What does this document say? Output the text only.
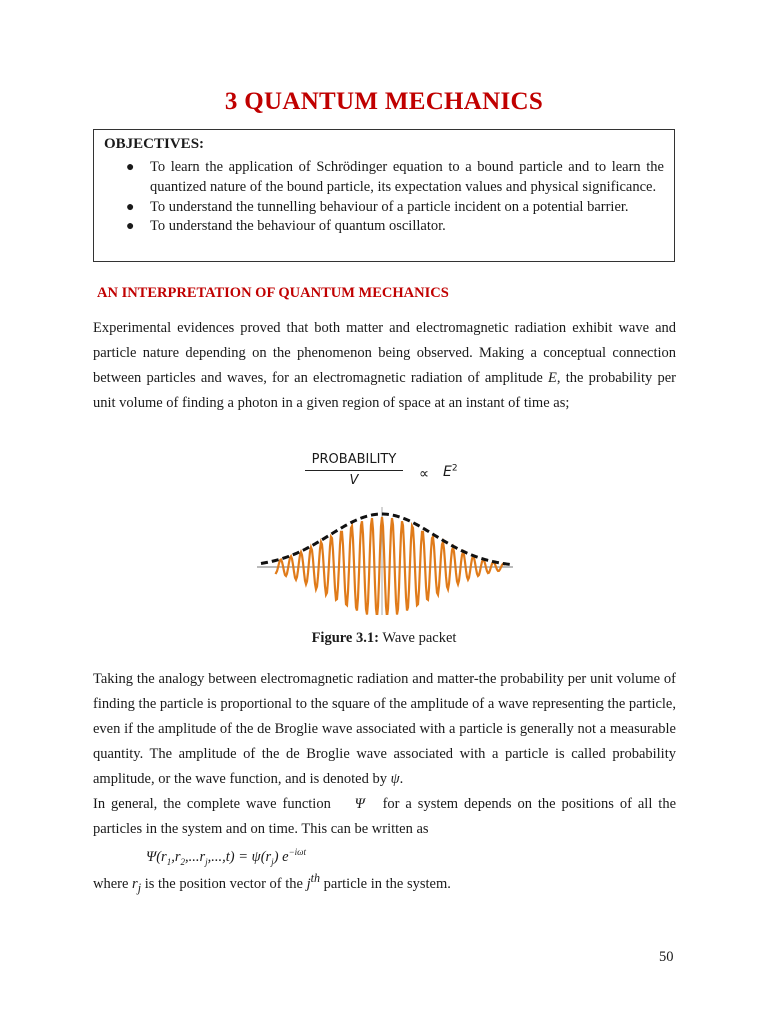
3 QUANTUM MECHANICS
OBJECTIVES:
● To learn the application of Schrödinger equation to a bound particle and to learn the quantized nature of the bound particle, its expectation values and physical significance.
● To understand the tunnelling behaviour of a particle incident on a potential barrier.
● To understand the behaviour of quantum oscillator.
AN INTERPRETATION OF QUANTUM MECHANICS

Experimental evidences proved that both matter and electromagnetic radiation exhibit wave and particle nature depending on the phenomenon being observed. Making a conceptual connection between particles and waves, for an electromagnetic radiation of amplitude E, the probability per unit volume of finding a photon in a given region of space at an instant of time as;

PROBABILITY
V	∝ $E^2$
Figure 3.1: Wave packet

Taking the analogy between electromagnetic radiation and matter-the probability per unit volume of finding the particle is proportional to the square of the amplitude of a wave representing the particle, even if the amplitude of the de Broglie wave associated with a particle is generally not a measurable quantity. The amplitude of the de Broglie wave associated with a particle is called probability amplitude, or the wave function, and is denoted by ψ.
In general, the complete wave function    Ψ   for a system depends on the positions of all the particles in the system and on time. This can be written as

$\Psi(r_1,r_2,...r_j,...,t) = \psi(r_j)$ $e^{-i\omega t}$

where $r_j$ is the position vector of the $j^{th}$ particle in the system.

50
